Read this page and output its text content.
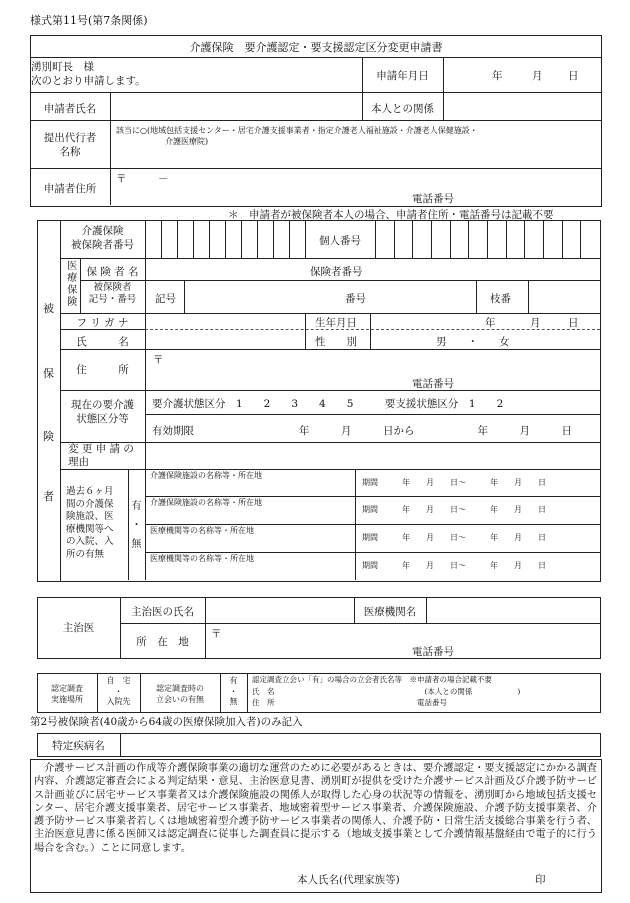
様式第11号(第7条関係)
介護保険　要介護認定・要支援認定区分変更申請書
湧別町長　様
次のとおり申請します。	申請年月日	年	月 日
申請者氏名	本人との関係
提出代行者
名称
該当に○(地域包括支援センター・居宅介護支援事業者・指定介護老人福祉施設・介護老人保健施設・
介護医療院)
申請者住所
〒　　　－
電話番号
＊　申請者が被保険者本人の場合、申請者住所・電話番号は記載不要
被
保
険
者
介護保険
被保険者番号	個人番号
医療保険	保 険 者 名	保険者番号
被保険者
記号・番号	記号	番号	枝番
フ リ ガ ナ	生年月日	年	月	日
氏　　　名	性　　別	男　　・　　女
住　　　所
〒
電話番号
現在の要介護
状態区分等
要介護状態区分　1　　2　　3　　4　　5　　　要支援状態区分　1　　2
有効期限　　　　　　　　　　年　　　月　　　日から　　　　　　年　　　月　　　日
変 更 申 請 の
理由
過去６ヶ月
間の介護保
険施設、医
療機関等へ
の入院、入
所の有無
有
・
無
介護保険施設の名称等・所在地
期間　　　年　　月　　日～　　　年　　月　　日
介護保険施設の名称等・所在地
期間　　　年　　月　　日～　　　年　　月　　日
医療機関等の名称等・所在地
期間　　　年　　月　　日～　　　年　　月　　日
医療機関等の名称等・所在地
期間　　　年　　月　　日～　　　年　　月　　日
主治医
主治医の氏名	医療機関名
所　在　地
〒
電話番号
認定調査
実施場所
自　宅
・
入院先
認定調査時の
立会いの有無
有
・
無
認定調査立会い「有」の場合の立会者氏名等　※申請者の場合記載不要
氏　名　　　　　　　　　　　　　　　　　　　　(本人との関係　　　　　　)
住　所　　　　　　　　　　　　　　　　　　　電話番号
第2号被保険者(40歳から64歳の医療保険加入者)のみ記入
特定疾病名
介護サービス計画の作成等介護保険事業の適切な運営のために必要があるときは、要介護認定・要支援認定にかかる調査内容、介護認定審査会による判定結果・意見、主治医意見書、湧別町が提供を受けた介護サービス計画及び介護予防サービス計画並びに居宅サービス事業者又は介護保険施設の関係人が取得した心身の状況等の情報を、湧別町から地域包括支援センター、居宅介護支援事業者、居宅サービス事業者、地域密着型サービス事業者、介護保険施設、介護予防支援事業者、介護予防サービス事業者若しくは地域密着型介護予防サービス事業者の関係人、介護予防・日常生活支援総合事業を行う者、主治医意見書に係る医師又は認定調査に従事した調査員に提示する（地域支援事業として介護情報基盤経由で電子的に行う場合を含む。）ことに同意します。
本人氏名(代理家族等)	印
